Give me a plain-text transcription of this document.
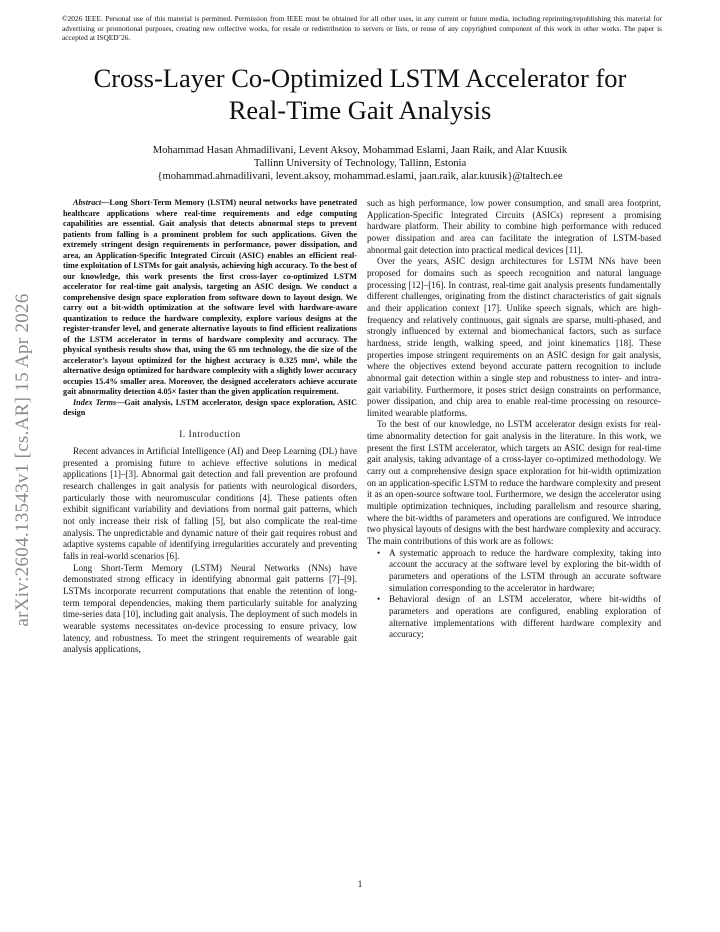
©2026 IEEE. Personal use of this material is permitted. Permission from IEEE must be obtained for all other uses, in any current or future media, including reprinting/republishing this material for advertising or promotional purposes, creating new collective works, for resale or redistribution to servers or lists, or reuse of any copyrighted component of this work in other works. The paper is accepted at ISQED’26.
Cross-Layer Co-Optimized LSTM Accelerator for
Real-Time Gait Analysis
Mohammad Hasan Ahmadilivani, Levent Aksoy, Mohammad Eslami, Jaan Raik, and Alar Kuusik
Tallinn University of Technology, Tallinn, Estonia
{mohammad.ahmadilivani, levent.aksoy, mohammad.eslami, jaan.raik, alar.kuusik}@taltech.ee
arXiv:2604.13543v1 [cs.AR] 15 Apr 2026

Abstract—Long Short-Term Memory (LSTM) neural networks have penetrated healthcare applications where real-time requirements and edge computing capabilities are essential. Gait analysis that detects abnormal steps to prevent patients from falling is a prominent problem for such applications. Given the extremely stringent design requirements in performance, power dissipation, and area, an Application-Specific Integrated Circuit (ASIC) enables an efficient real-time exploitation of LSTMs for gait analysis, achieving high accuracy. To the best of our knowledge, this work presents the first cross-layer co-optimized LSTM accelerator for real-time gait analysis, targeting an ASIC design. We conduct a comprehensive design space exploration from software down to layout design. We carry out a bit-width optimization at the software level with hardware-aware quantization to reduce the hardware complexity, explore various designs at the register-transfer level, and generate alternative layouts to find efficient realizations of the LSTM accelerator in terms of hardware complexity and accuracy. The physical synthesis results show that, using the 65 nm technology, the die size of the accelerator’s layout optimized for the highest accuracy is 0.325 mm², while the alternative design optimized for hardware complexity with a slightly lower accuracy occupies 15.4% smaller area. Moreover, the designed accelerators achieve accurate gait abnormality detection 4.05× faster than the given application requirement.

Index Terms—Gait analysis, LSTM accelerator, design space exploration, ASIC design

I. Introduction

Recent advances in Artificial Intelligence (AI) and Deep Learning (DL) have presented a promising future to achieve effective solutions in medical applications [1]–[3]. Abnormal gait detection and fall prevention are profound research challenges in gait analysis for patients with neurological disorders, particularly those with neuromuscular conditions [4]. These patients often exhibit significant variability and deviations from normal gait patterns, which not only increase their risk of falling [5], but also complicate the real-time analysis. The unpredictable and dynamic nature of their gait requires robust and adaptive systems capable of identifying irregularities accurately and preventing falls in real-world scenarios [6].

Long Short-Term Memory (LSTM) Neural Networks (NNs) have demonstrated strong efficacy in identifying abnormal gait patterns [7]–[9]. LSTMs incorporate recurrent computations that enable the retention of long-term temporal dependencies, making them particularly suitable for analyzing time-series data [10], including gait analysis. The deployment of such models in wearable systems necessitates on-device processing to ensure privacy, low latency, and robustness. To meet the stringent requirements of wearable gait analysis applications,

such as high performance, low power consumption, and small area footprint, Application-Specific Integrated Circuits (ASICs) represent a promising hardware platform. Their ability to combine high performance with reduced power dissipation and area can facilitate the integration of LSTM-based abnormal gait detection into practical medical devices [11].

Over the years, ASIC design architectures for LSTM NNs have been proposed for domains such as speech recognition and natural language processing [12]–[16]. In contrast, real-time gait analysis presents fundamentally different challenges, originating from the distinct characteristics of gait signals and their application context [17]. Unlike speech signals, which are high-frequency and relatively continuous, gait signals are sparse, multi-phased, and strongly influenced by external and biomechanical factors, such as surface hardness, stride length, walking speed, and joint kinematics [18]. These properties impose stringent requirements on an ASIC design for gait analysis, where the objectives extend beyond accurate pattern recognition to include abnormal gait detection within a single step and robustness to inter- and intra-gait variability. Furthermore, it poses strict design constraints on performance, power dissipation, and chip area to enable real-time processing on resource-limited wearable platforms.

To the best of our knowledge, no LSTM accelerator design exists for real-time abnormality detection for gait analysis in the literature. In this work, we present the first LSTM accelerator, which targets an ASIC design for real-time gait analysis, taking advantage of a cross-layer co-optimized methodology. We carry out a comprehensive design space exploration for bit-width optimization on an application-specific LSTM to reduce the hardware complexity and present it as an open-source software tool. Furthermore, we design the accelerator using multiple optimization techniques, including parallelism and resource sharing, where the bit-widths of parameters and operations are configured. We introduce two physical layouts of designs with the best hardware complexity and accuracy. The main contributions of this work are as follows:

• A systematic approach to reduce the hardware complexity, taking into account the accuracy at the software level by exploring the bit-width of parameters and operations of the LSTM through an accurate software simulation corresponding to the accelerator in hardware;
• Behavioral design of an LSTM accelerator, where bit-widths of parameters and operations are configured, enabling exploration of alternative implementations with different hardware complexity and accuracy;
1
